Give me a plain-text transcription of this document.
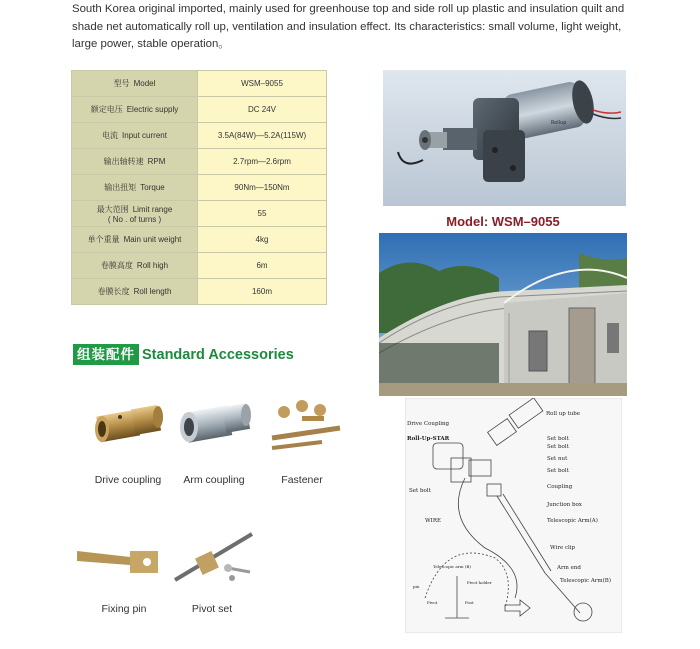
South Korea original imported, mainly used for greenhouse top and side roll up plastic and insulation quilt and shade net automatically roll up, ventilation and insulation effect. Its characteristics: small volume, light weight, large power, stable operation。
型号 Model	WSM–9055
额定电压 Electric supply	DC 24V
电流 Input current	3.5A(84W)—5.2A(115W)
输出轴转速 RPM	2.7rpm—2.6rpm
输出扭矩 Torque	90Nm—150Nm
最大范围 Limit range
( No . of turns )	55
单个重量 Main unit weight	4kg
卷膜高度 Roll high	6m
卷膜长度 Roll length	160m
Rollup
Model: WSM–9055
组装配件 Standard Accessories
Drive coupling	Arm coupling	Fastener
Fixing pin	Pivot set
Drive Coupling
Roll up tube
Roll-Up-STAR	Set bolt
Set bolt
Set nut
Set bolt
Set bolt
Coupling
Junction box
WIRE	Telescopic Arm(A)
Wire clip
Arm end
Telescopic Arm(B)
Telescopic arm (B)
Pivot holder
pin
Pivot	Post
